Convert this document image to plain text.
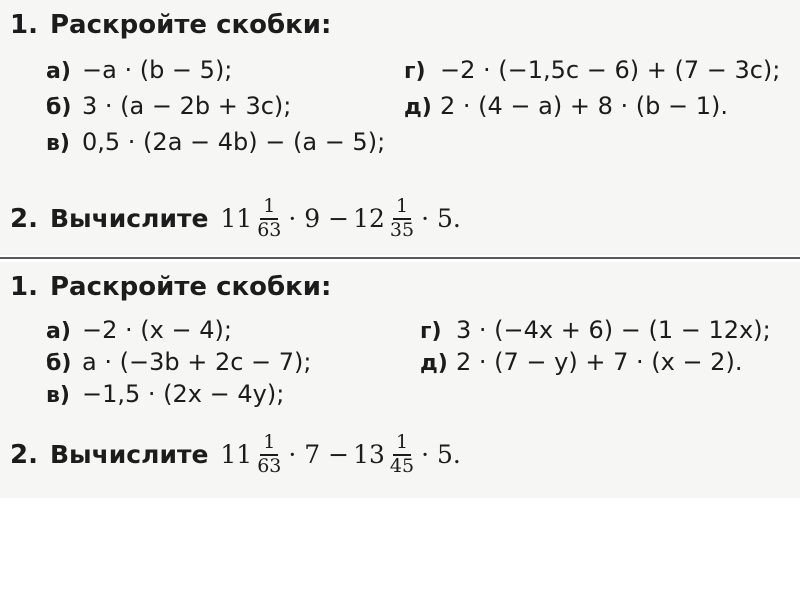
1. Раскройте скобки:
а) −a · (b − 5);
б) 3 · (a − 2b + 3c);
в) 0,5 · (2a − 4b) − (a − 5);
г) −2 · (−1,5c − 6) + (7 − 3c);
д) 2 · (4 − a) + 8 · (b − 1).
2. Вычислите $11 \frac{1}{63} \cdot 9 - 12 \frac{1}{35} \cdot 5$.
1. Раскройте скобки:
а) −2 · (x − 4);
б) a · (−3b + 2c − 7);
в) −1,5 · (2x − 4y);
г) 3 · (−4x + 6) − (1 − 12x);
д) 2 · (7 − y) + 7 · (x − 2).
2. Вычислите $11 \frac{1}{63} \cdot 7 - 13 \frac{1}{45} \cdot 5$.
